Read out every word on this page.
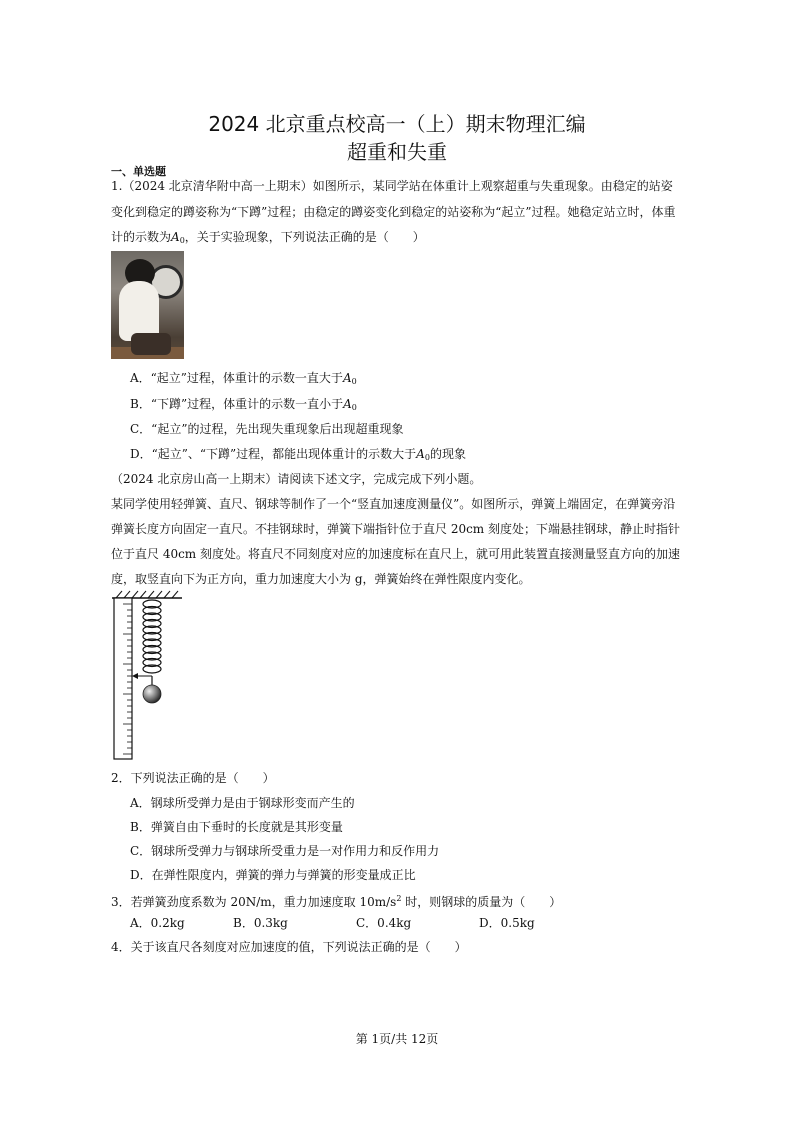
2024 北京重点校高一（上）期末物理汇编
超重和失重
一、单选题
1.（2024 北京清华附中高一上期末）如图所示，某同学站在体重计上观察超重与失重现象。由稳定的站姿
变化到稳定的蹲姿称为“下蹲”过程；由稳定的蹲姿变化到稳定的站姿称为“起立”过程。她稳定站立时，体重
计的示数为$A_0$，关于实验现象，下列说法正确的是（　　）
A．“起立”过程，体重计的示数一直大于$A_0$
B．“下蹲”过程，体重计的示数一直小于$A_0$
C．“起立”的过程，先出现失重现象后出现超重现象
D．“起立”、“下蹲”过程，都能出现体重计的示数大于$A_0$的现象
（2024 北京房山高一上期末）请阅读下述文字，完成完成下列小题。
某同学使用轻弹簧、直尺、钢球等制作了一个“竖直加速度测量仪”。如图所示，弹簧上端固定，在弹簧旁沿
弹簧长度方向固定一直尺。不挂钢球时，弹簧下端指针位于直尺 20cm 刻度处；下端悬挂钢球，静止时指针
位于直尺 40cm 刻度处。将直尺不同刻度对应的加速度标在直尺上，就可用此装置直接测量竖直方向的加速
度，取竖直向下为正方向，重力加速度大小为 g，弹簧始终在弹性限度内变化。
2．下列说法正确的是（　　）
A．钢球所受弹力是由于钢球形变而产生的
B．弹簧自由下垂时的长度就是其形变量
C．钢球所受弹力与钢球所受重力是一对作用力和反作用力
D．在弹性限度内，弹簧的弹力与弹簧的形变量成正比
3．若弹簧劲度系数为 20N/m，重力加速度取 $10m/s^2$ 时，则钢球的质量为（　　）
A．0.2kg	B．0.3kg	C．0.4kg	D．0.5kg
4．关于该直尺各刻度对应加速度的值，下列说法正确的是（　　）
第 1页/共 12页
